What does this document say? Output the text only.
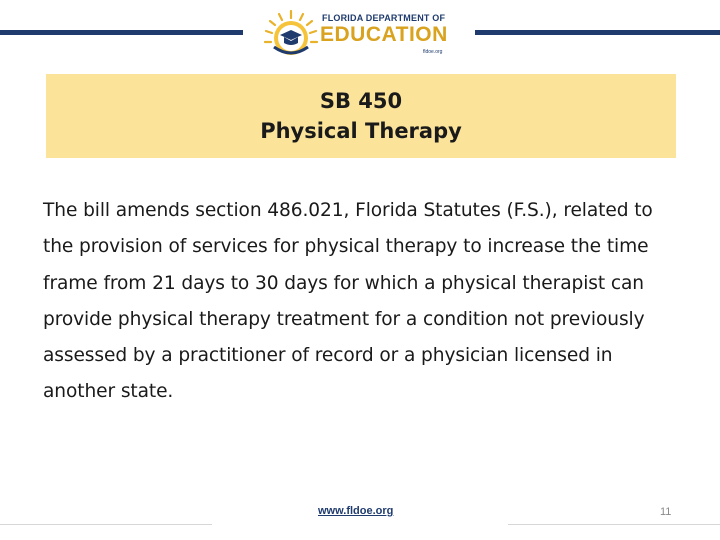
FLORIDA DEPARTMENT OF
EDUCATION
fldoe.org
SB 450
Physical Therapy
The bill amends section 486.021, Florida Statutes (F.S.), related to the provision of services for physical therapy to increase the time frame from 21 days to 30 days for which a physical therapist can provide physical therapy treatment for a condition not previously assessed by a practitioner of record or a physician licensed in another state.
www.fldoe.org	11
